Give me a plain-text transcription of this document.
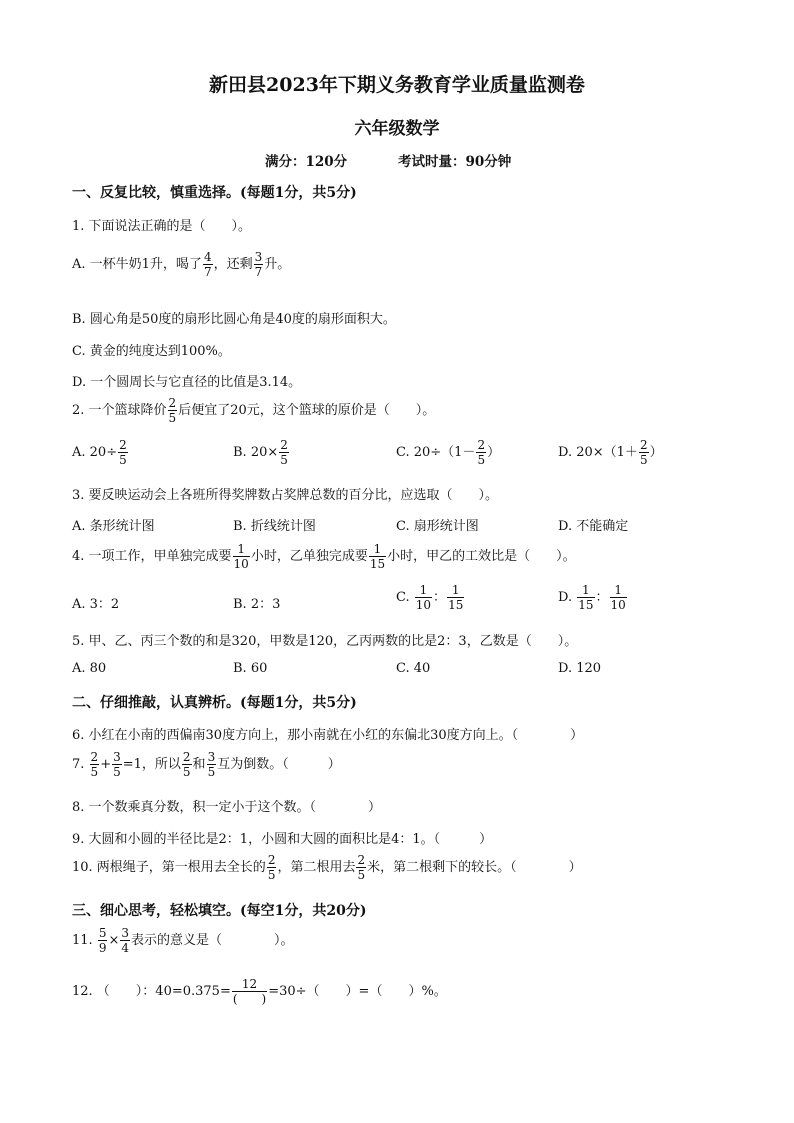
新田县2023年下期义务教育学业质量监测卷
六年级数学
满分：120分	考试时量：90分钟
一、反复比较，慎重选择。(每题1分，共5分)
1. 下面说法正确的是（　　）。
A. 一杯牛奶1升，喝了 $\frac{4}{7}$ ，还剩 $\frac{3}{7}$ 升。
B. 圆心角是50度的扇形比圆心角是40度的扇形面积大。
C. 黄金的纯度达到100%。
D. 一个圆周长与它直径的比值是3.14。
2. 一个篮球降价 $\frac{2}{5}$ 后便宜了20元，这个篮球的原价是（　　）。
A. $20\div \frac{2}{5}$	B. $20\times \frac{2}{5}$	C. $20\div(1- \frac{2}{5}$ ）	D. $20\times(1+ \frac{2}{5}$ ）
3. 要反映运动会上各班所得奖牌数占奖牌总数的百分比，应选取（　　）。
A. 条形统计图	B. 折线统计图	C. 扇形统计图	D. 不能确定
4. 一项工作，甲单独完成要 $\frac{1}{10}$ 小时，乙单独完成要 $\frac{1}{15}$ 小时，甲乙的工效比是（　　）。
A. 3：2	B. 2：3	C. $\frac{1}{10}$ ： $\frac{1}{15}$	D. $\frac{1}{15}$ ： $\frac{1}{10}$
5. 甲、乙、丙三个数的和是320，甲数是120，乙丙两数的比是2：3，乙数是（　　）。
A. 80	B. 60	C. 40	D. 120
二、仔细推敲，认真辨析。(每题1分，共5分)
6. 小红在小南的西偏南30度方向上，那小南就在小红的东偏北30度方向上。（　　　　）
7. $\frac{2}{5} + \frac{3}{5} =1$，所以 $\frac{2}{5}$ 和 $\frac{3}{5}$ 互为倒数。（　　　）
8. 一个数乘真分数，积一定小于这个数。（　　　　）
9. 大圆和小圆的半径比是2：1，小圆和大圆的面积比是4：1。（　　　）
10. 两根绳子，第一根用去全长的 $\frac{2}{5}$ ，第二根用去 $\frac{2}{5}$ 米，第二根剩下的较长。（　　　　）
三、细心思考，轻松填空。(每空1分，共20分)
11. $\frac{5}{9} \times \frac{3}{4}$ 表示的意义是（　　　　）。
12. （　　）：$40=0.375= \frac{12}{( )} =30\div$（　　）=（　　）%。
